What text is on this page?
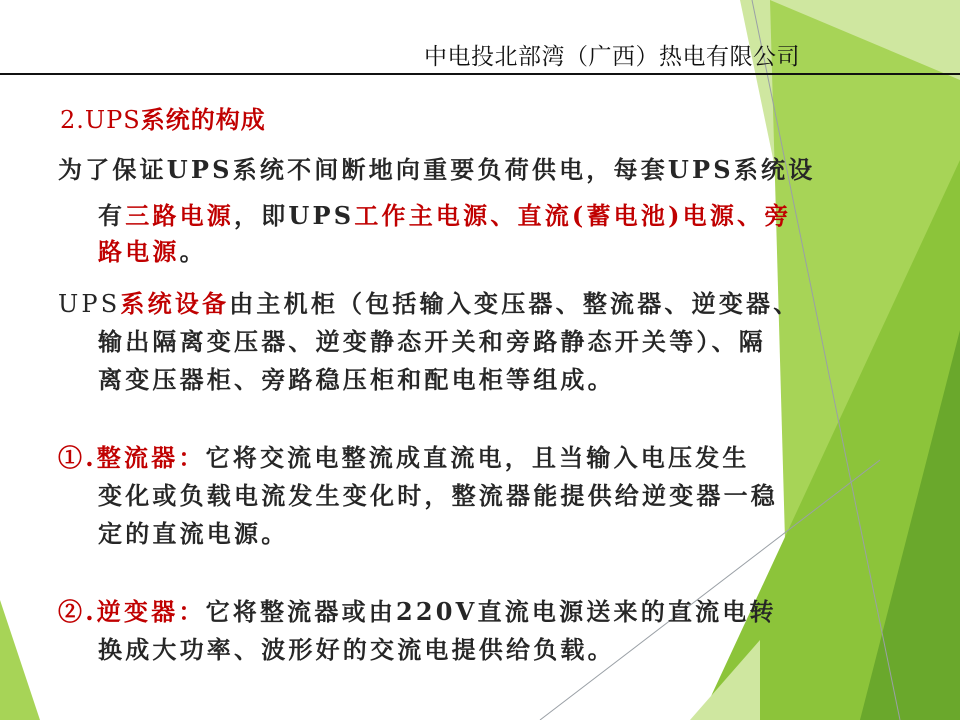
中电投北部湾（广西）热电有限公司
2.UPS系统的构成
为了保证UPS系统不间断地向重要负荷供电，每套UPS系统设
有三路电源，即UPS工作主电源、直流(蓄电池)电源、旁
路电源。
UPS系统设备由主机柜（包括输入变压器、整流器、逆变器、
输出隔离变压器、逆变静态开关和旁路静态开关等）、隔
离变压器柜、旁路稳压柜和配电柜等组成。
①.整流器：它将交流电整流成直流电，且当输入电压发生
变化或负载电流发生变化时，整流器能提供给逆变器一稳
定的直流电源。
②.逆变器：它将整流器或由220V直流电源送来的直流电转
换成大功率、波形好的交流电提供给负载。
